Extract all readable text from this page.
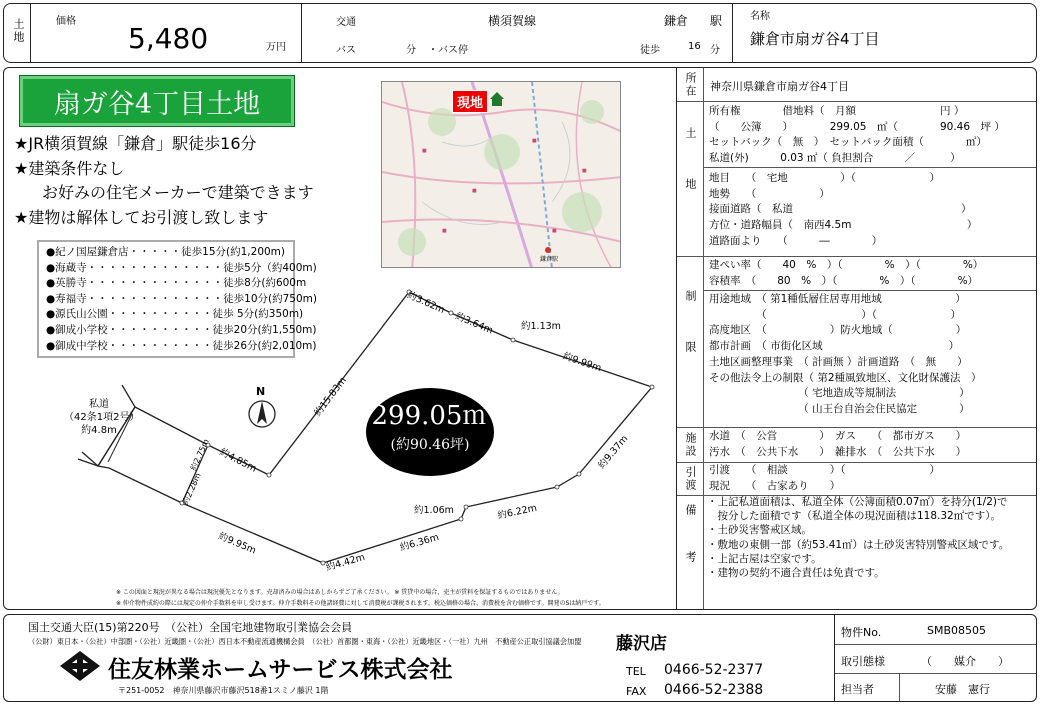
土地	価格
5,480	万円
交通	横須賀線	鎌倉 駅
バス	分 ・バス停	徒歩	16 分
名称
鎌倉市扇ガ谷4丁目
扇ガ谷4丁目土地
★JR横須賀線「鎌倉」駅徒歩16分
★建築条件なし
お好みの住宅メーカーで建築できます
★建物は解体してお引渡し致します
●紀ノ国屋鎌倉店・・・・・徒歩15分(約1,200m)
●海蔵寺・・・・・・・・・・・・・徒歩5分（約400m)
●英勝寺・・・・・・・・・・・・・徒歩8分(約600m
●寿福寺・・・・・・・・・・・・・徒歩10分(約750m)
●源氏山公園・・・・・・・・・・徒歩 5分(約350m)
●御成小学校・・・・・・・・・・徒歩20分(約1,550m)
●御成中学校・・・・・・・・・・徒歩26分(約2,010m)
■
■
■
■
■
■
現地
鎌倉駅
N
299.05㎡
(約90.46坪)
私道
（42条1項2号）
約4.8m
約3.62m
約3.64m	約1.13m
約9.99m
約15.83m
約4.85m
約2.75m
約2.28m
約9.37m
約1.06m	約6.22m
約6.36m
約4.42m
約9.95m
※ この図面と現況が異なる場合は現況優先となります。売却済みの場合はあしからずご了承ください。 ※ 賃貸中の場合、売主が賃料を保証するものではありません。
※ 仲介物件成約の際には規定の仲介手数料を申し受けます。仲介手数料その他諸経費に対して消費税が課税されます。税込価格の場合、消費税を含む価格です。開発のSは納戸です。
所在	神奈川県鎌倉市扇ガ谷4丁目
土地
所有権　　　　借地料（　月額　　　　　　　　円 ）
（　　公簿　　）　　　　299.05　㎡（　　　　90.46　坪 ）
セットバック（　無　）　セットバック面積（　　　　㎡）
私道(外)　　　0.03 ㎡（ 負担割合　　　／　　　 ）
地目　　（　宅地　　　　　）（　　　　　　　）
地勢　　（　　　　　　）
接面道路（　私道　　　　　　　　　　　　　　　　）
方位・道路幅員（　南西4.5m　　　　　　　　　　　）
道路面より　　（　　　―　　　　）
制限
建ぺい率（　　40　%　）（　　　　%　）（　　　　%）
容積率　（　　80　%　）（　　　　%　）（　　　　%）
用途地域　（ 第1種低層住居専用地域　　　　　　　）
　　　　　（　　　　　　　　　）（　　　　　　　）
高度地区　（　　　　　　）防火地域（　　　　　　）
都市計画　（ 市街化区域　　　　　　　　　　　　）
土地区画整理事業　（ 計画無 ）計画道路　（　無　　）
その他法令上の制限（ 第2種風致地区、文化財保護法　）
　　　　　　　　　（ 宅地造成等規制法　　　　　　）
　　　　　　　　　（ 山王台自治会住民協定　　　　）
施設	水道　（　公営　　　　）　ガス　　（　都市ガス　　）
汚水　（　公共下水　　）　雑排水　（　公共下水　　）
引渡	引渡　　（　相談　　　　）（　　　　　　　　）
現況　　（　古家あり　　）
備考
・上記私道面積は、私道全体（公簿面積0.07㎡）を持分(1/2)で
　按分した面積です（私道全体の現況面積は118.32㎡です）。
・土砂災害警戒区域。
・敷地の東側一部（約53.41㎡）は土砂災害特別警戒区域です。
・上記古屋は空家です。
・建物の契約不適合責任は免責です。
国土交通大臣(15)第220号　（公社）全国宅地建物取引業協会会員
（公財）東日本・（公社）中部圏・（公社）近畿圏・（公社）西日本不動産流通機構会員　（公社）首都圏・東海・（公社）近畿地区・（一社）九州　不動産公正取引協議会加盟
住友林業ホームサービス株式会社
〒251-0052　神奈川県藤沢市藤沢518番1スミノ藤沢 1階
藤沢店
TEL 0466-52-2377
FAX 0466-52-2388
物件No.	SMB08505
取引態様	（　　媒介　　）
担当者	安藤　憲行
